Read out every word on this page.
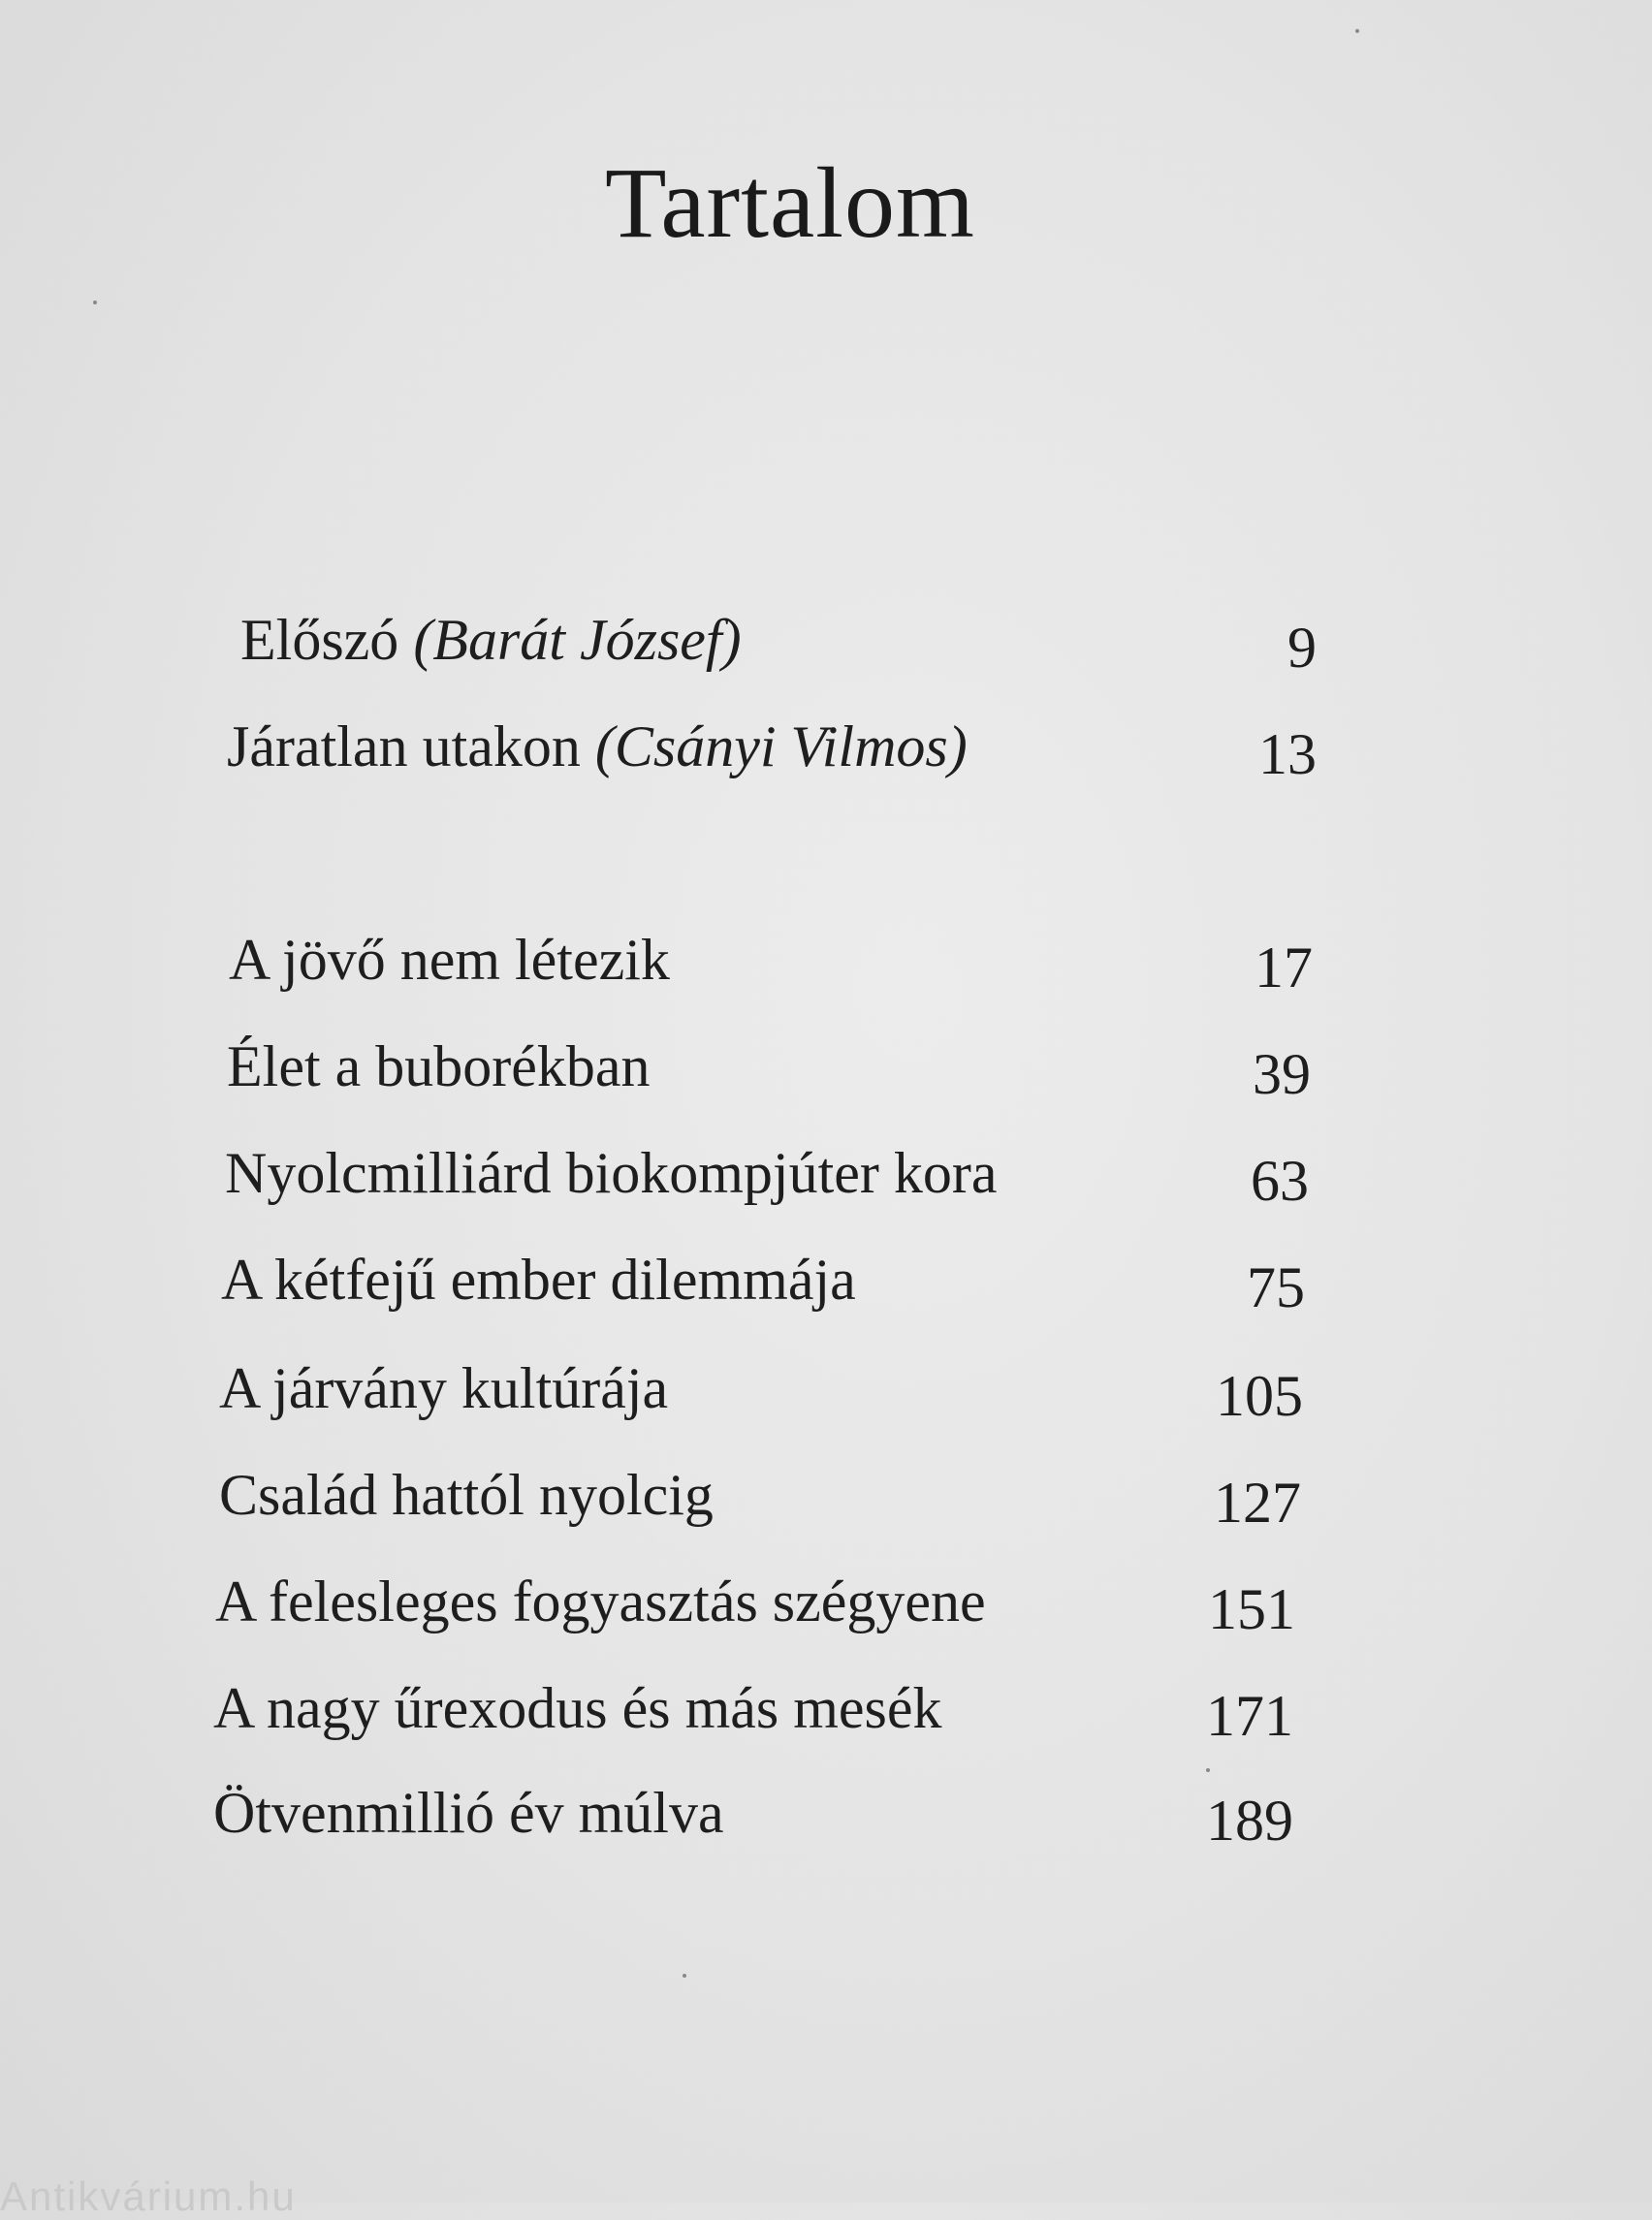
Tartalom
Előszó (Barát József)	9
Járatlan utakon (Csányi Vilmos)	13
A jövő nem létezik	17
Élet a buborékban	39
Nyolcmilliárd biokompjúter kora	63
A kétfejű ember dilemmája	75
A járvány kultúrája	105
Család hattól nyolcig	127
A felesleges fogyasztás szégyene	151
A nagy űrexodus és más mesék	171
Ötvenmillió év múlva	189
Antikvárium.hu
